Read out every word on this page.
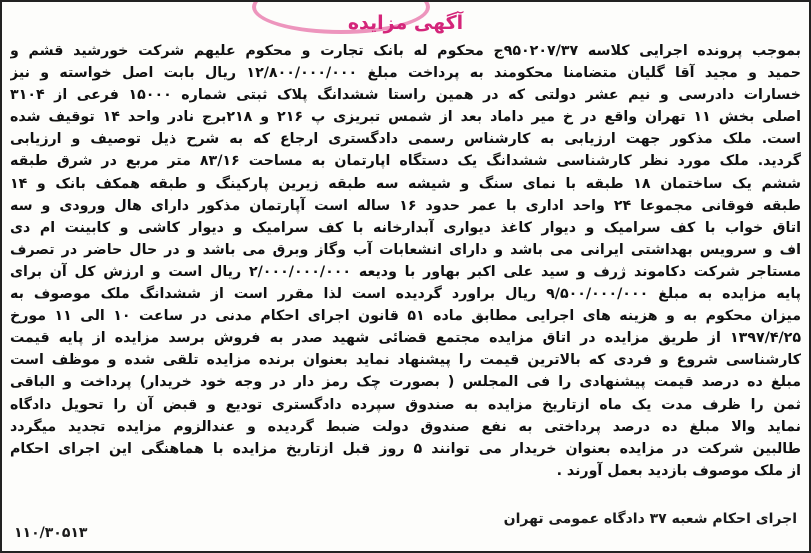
آگهی مزایده
بموجب پرونده اجرایی کلاسه ۹۵۰۲۰۷/۳۷ج محکوم له بانک تجارت و محکوم علیهم شرکت خورشید قشم و
حمید و مجید آقا گلیان متضامنا محکومند به پرداخت مبلغ ۱۲/۸۰۰/۰۰۰/۰۰۰ ریال بابت اصل خواسته و نیز
خسارات دادرسی و نیم عشر دولتی که در همین راستا ششدانگ پلاک ثبتی شماره ۱۵۰۰۰ فرعی از ۳۱۰۴
اصلی بخش ۱۱ تهران واقع در خ میر داماد بعد از شمس تبریزی پ ۲۱۶ و ۲۱۸برج نادر واحد ۱۴ توقیف شده
است. ملک مذکور جهت ارزیابی به کارشناس رسمی دادگستری ارجاع که به شرح ذیل توصیف و ارزیابی
گردید. ملک مورد نظر کارشناسی ششدانگ یک دستگاه اپارتمان به مساحت ۸۳/۱۶ متر مربع در شرق طبقه
ششم یک ساختمان ۱۸ طبقه با نمای سنگ و شیشه سه طبقه زیرین پارکینگ و طبقه همکف بانک و ۱۴
طبقه فوقانی مجموعا ۲۴ واحد اداری با عمر حدود ۱۶ ساله است آپارتمان مذکور دارای هال ورودی و سه
اتاق خواب با کف سرامیک و دیوار کاغذ دیواری آبدارخانه با کف سرامیک و دیوار کاشی و کابینت ام دی
اف و سرویس بهداشتی ایرانی می باشد و دارای انشعابات آب وگاز وبرق می باشد و در حال حاضر در تصرف
مستاجر شرکت دکاموند ژرف و سید علی اکبر بهاور با ودیعه ۲/۰۰۰/۰۰۰/۰۰۰ ریال است و ارزش کل آن برای
پایه مزایده به مبلغ ۹/۵۰۰/۰۰۰/۰۰۰ ریال براورد گردیده است لذا مقرر است از ششدانگ ملک موصوف به
میزان محکوم به و هزینه های اجرایی مطابق ماده ۵۱ قانون اجرای احکام مدنی در ساعت ۱۰ الی ۱۱ مورخ
۱۳۹۷/۴/۲۵ از طریق مزایده در اتاق مزایده مجتمع قضائی شهید صدر به فروش برسد مزایده از پایه قیمت
کارشناسی شروع و فردی که بالاترین قیمت را پیشنهاد نماید بعنوان برنده مزایده تلقی شده و موظف است
مبلغ ده درصد قیمت پیشنهادی را فی المجلس ( بصورت چک رمز دار در وجه خود خریدار) پرداخت و الباقی
ثمن را ظرف مدت یک ماه ازتاریخ مزایده به صندوق سپرده دادگستری تودیع و قبض آن را تحویل دادگاه
نماید والا مبلغ ده درصد پرداختی به نفع صندوق دولت ضبط گردیده و عندالزوم مزایده تجدید میگردد
طالبین شرکت در مزایده بعنوان خریدار می توانند ۵ روز قبل ازتاریخ مزایده با هماهنگی این اجرای احکام
از ملک موصوف بازدید بعمل آورند .
اجرای احکام شعبه ۳۷ دادگاه عمومی تهران
۱۱۰/۳۰۵۱۳
